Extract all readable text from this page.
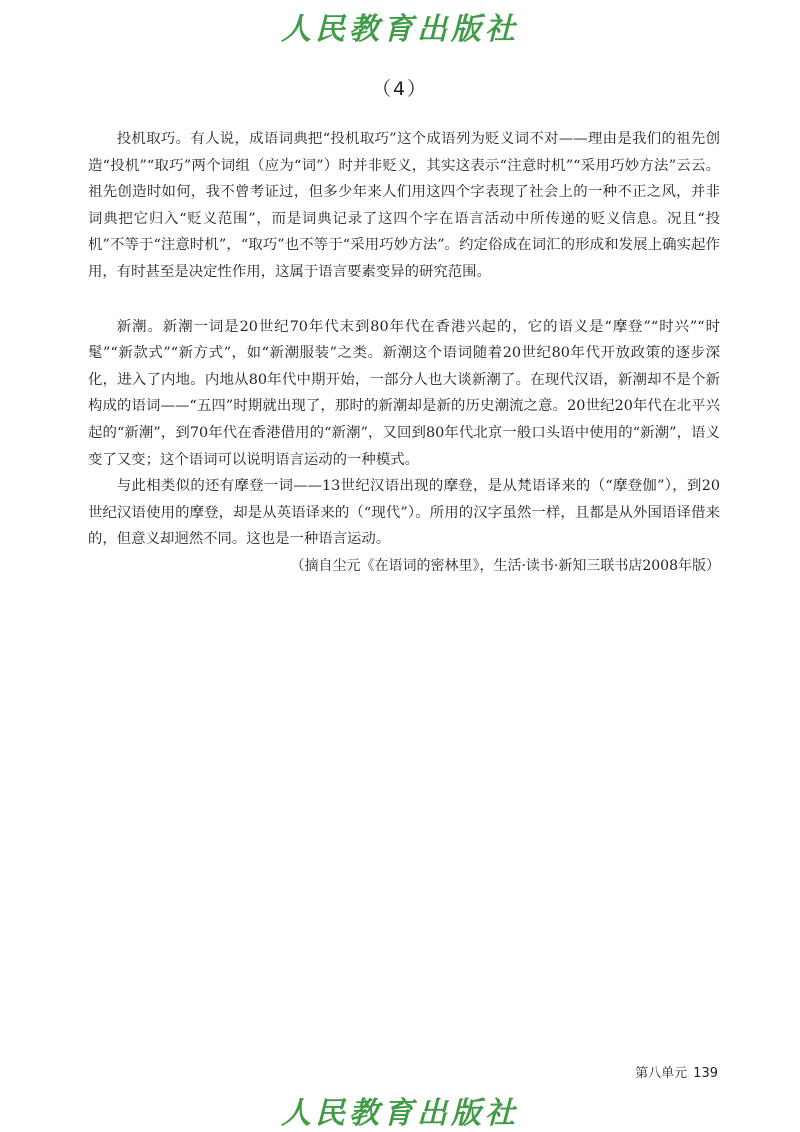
人民教育出版社
（4）

投机取巧。有人说，成语词典把“投机取巧”这个成语列为贬义词不对——理由是我们的祖先创造“投机”“取巧”两个词组（应为“词”）时并非贬义，其实这表示“注意时机”“采用巧妙方法”云云。祖先创造时如何，我不曾考证过，但多少年来人们用这四个字表现了社会上的一种不正之风，并非词典把它归入“贬义范围”，而是词典记录了这四个字在语言活动中所传递的贬义信息。况且“投机”不等于“注意时机”，“取巧”也不等于“采用巧妙方法”。约定俗成在词汇的形成和发展上确实起作用，有时甚至是决定性作用，这属于语言要素变异的研究范围。

新潮。新潮一词是20世纪70年代末到80年代在香港兴起的，它的语义是“摩登”“时兴”“时髦”“新款式”“新方式”，如“新潮服装”之类。新潮这个语词随着20世纪80年代开放政策的逐步深化，进入了内地。内地从80年代中期开始，一部分人也大谈新潮了。在现代汉语，新潮却不是个新构成的语词——“五四”时期就出现了，那时的新潮却是新的历史潮流之意。20世纪20年代在北平兴起的“新潮”，到70年代在香港借用的“新潮”，又回到80年代北京一般口头语中使用的“新潮”，语义变了又变；这个语词可以说明语言运动的一种模式。

与此相类似的还有摩登一词——13世纪汉语出现的摩登，是从梵语译来的（“摩登伽”），到20世纪汉语使用的摩登，却是从英语译来的（“现代”）。所用的汉字虽然一样，且都是从外国语译借来的，但意义却迥然不同。这也是一种语言运动。

（摘自尘元《在语词的密林里》，生活·读书·新知三联书店2008年版）
第八单元 139
人民教育出版社
